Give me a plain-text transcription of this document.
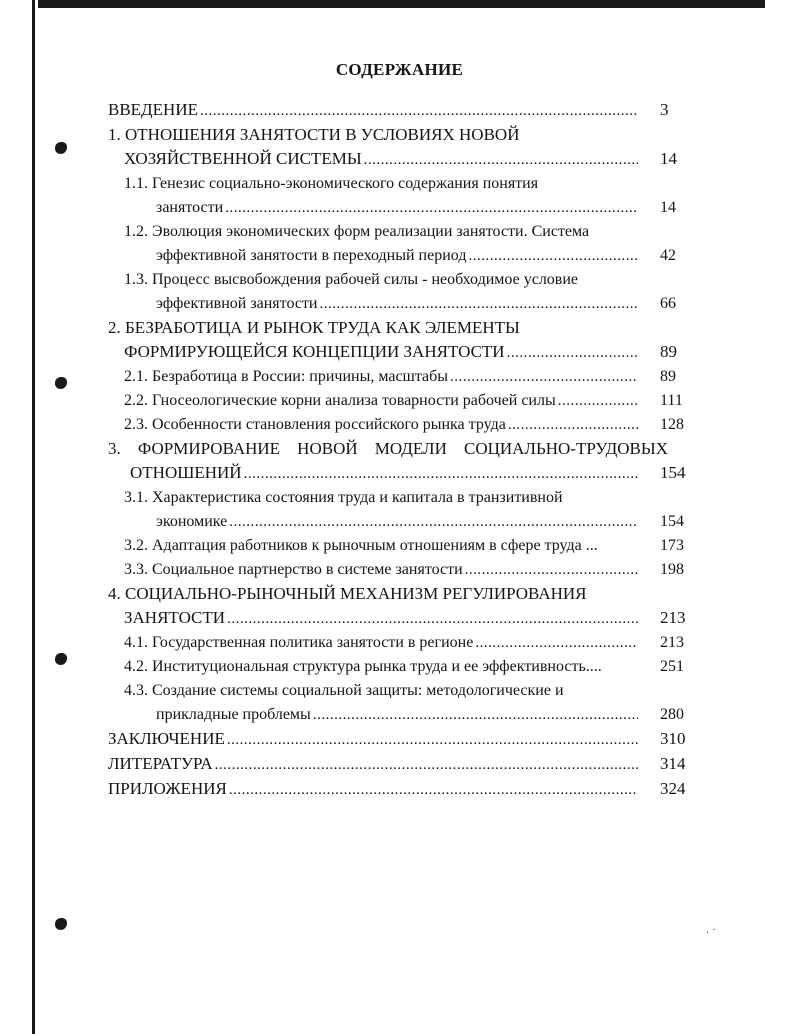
. ·
СОДЕРЖАНИЕ
ВВЕДЕНИЕ .....	3
1. ОТНОШЕНИЯ ЗАНЯТОСТИ В УСЛОВИЯХ НОВОЙ
ХОЗЯЙСТВЕННОЙ СИСТЕМЫ .....	14
1.1. Генезис социально-экономического содержания понятия
занятости .....	14
1.2. Эволюция экономических форм реализации занятости. Система
эффективной занятости в переходный период .....	42
1.3. Процесс высвобождения рабочей силы - необходимое условие
эффективной занятости .....	66
2. БЕЗРАБОТИЦА И РЫНОК ТРУДА КАК ЭЛЕМЕНТЫ
ФОРМИРУЮЩЕЙСЯ КОНЦЕПЦИИ ЗАНЯТОСТИ .....	89
2.1. Безработица в России: причины, масштабы .....	89
2.2. Гносеологические корни анализа товарности рабочей силы .....	111
2.3. Особенности становления российского рынка труда .....	128
3. ФОРМИРОВАНИЕ НОВОЙ МОДЕЛИ СОЦИАЛЬНО-ТРУДОВЫХ
ОТНОШЕНИЙ .....	154
3.1. Характеристика состояния труда и капитала в транзитивной
экономике .....	154
3.2. Адаптация работников к рыночным отношениям в сфере труда ...	173
3.3. Социальное партнерство в системе занятости .....	198
4. СОЦИАЛЬНО-РЫНОЧНЫЙ МЕХАНИЗМ РЕГУЛИРОВАНИЯ
ЗАНЯТОСТИ .....	213
4.1. Государственная политика занятости в регионе .....	213
4.2. Институциональная структура рынка труда и ее эффективность....	251
4.3. Создание системы социальной защиты: методологические и
прикладные проблемы .....	280
ЗАКЛЮЧЕНИЕ .....	310
ЛИТЕРАТУРА .....	314
ПРИЛОЖЕНИЯ .....	324
